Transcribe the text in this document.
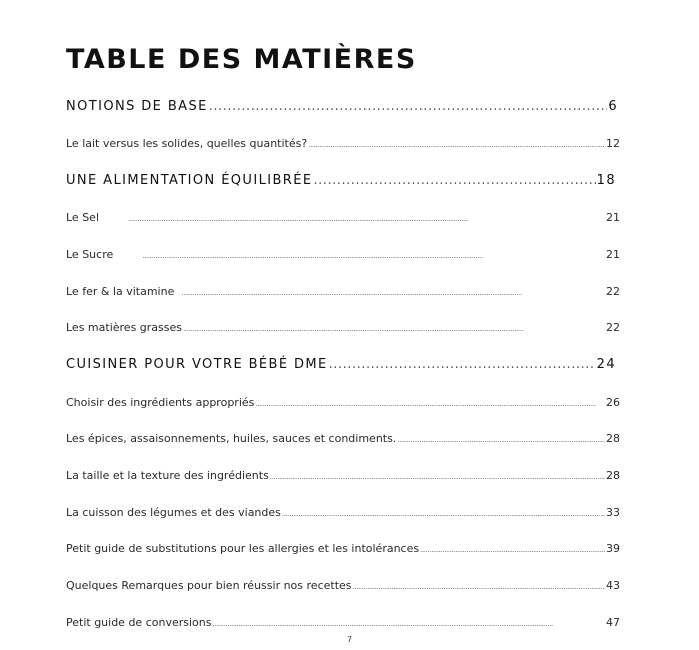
TABLE DES MATIÈRES
NOTIONS DE BASE . . .	6
Le lait versus les solides, quelles quantités? . . .	12
UNE ALIMENTATION ÉQUILIBRÉE . . .	18
Le Sel . . .	21
Le Sucre . . .	21
Le fer & la vitamine . . .	22
Les matières grasses . . .	22
CUISINER POUR VOTRE BÉBÉ DME . . .	24
Choisir des ingrédients appropriés . . .	26
Les épices, assaisonnements, huiles, sauces et condiments. . . .	28
La taille et la texture des ingrédients . . .	28
La cuisson des légumes et des viandes . . .	33
Petit guide de substitutions pour les allergies et les intolérances . . .	39
Quelques Remarques pour bien réussir nos recettes . . .	43
Petit guide de conversions . . .	47
7
